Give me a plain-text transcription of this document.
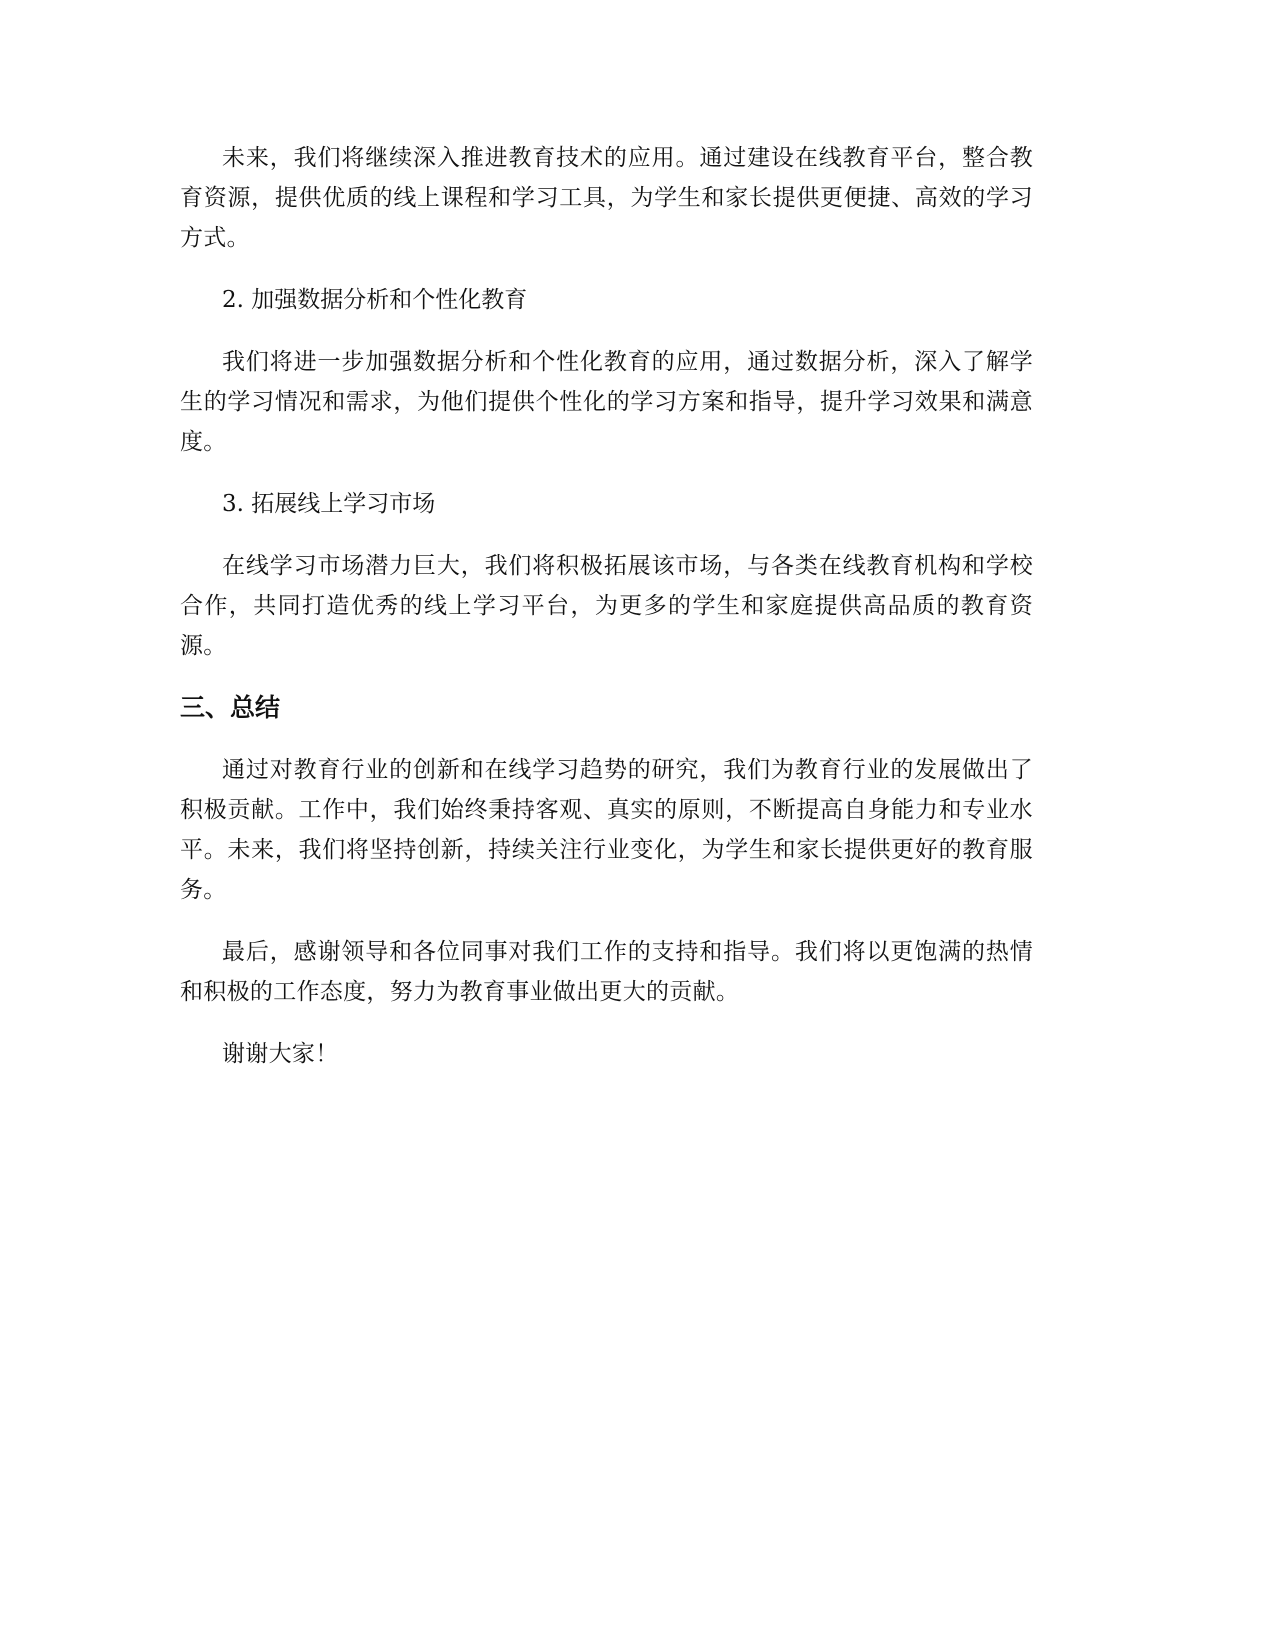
未来，我们将继续深入推进教育技术的应用。通过建设在线教育平台，整合教育资源，提供优质的线上课程和学习工具，为学生和家长提供更便捷、高效的学习方式。

2. 加强数据分析和个性化教育

我们将进一步加强数据分析和个性化教育的应用，通过数据分析，深入了解学生的学习情况和需求，为他们提供个性化的学习方案和指导，提升学习效果和满意度。

3. 拓展线上学习市场

在线学习市场潜力巨大，我们将积极拓展该市场，与各类在线教育机构和学校合作，共同打造优秀的线上学习平台，为更多的学生和家庭提供高品质的教育资源。

三、总结

通过对教育行业的创新和在线学习趋势的研究，我们为教育行业的发展做出了积极贡献。工作中，我们始终秉持客观、真实的原则，不断提高自身能力和专业水平。未来，我们将坚持创新，持续关注行业变化，为学生和家长提供更好的教育服务。

最后，感谢领导和各位同事对我们工作的支持和指导。我们将以更饱满的热情和积极的工作态度，努力为教育事业做出更大的贡献。

谢谢大家！
